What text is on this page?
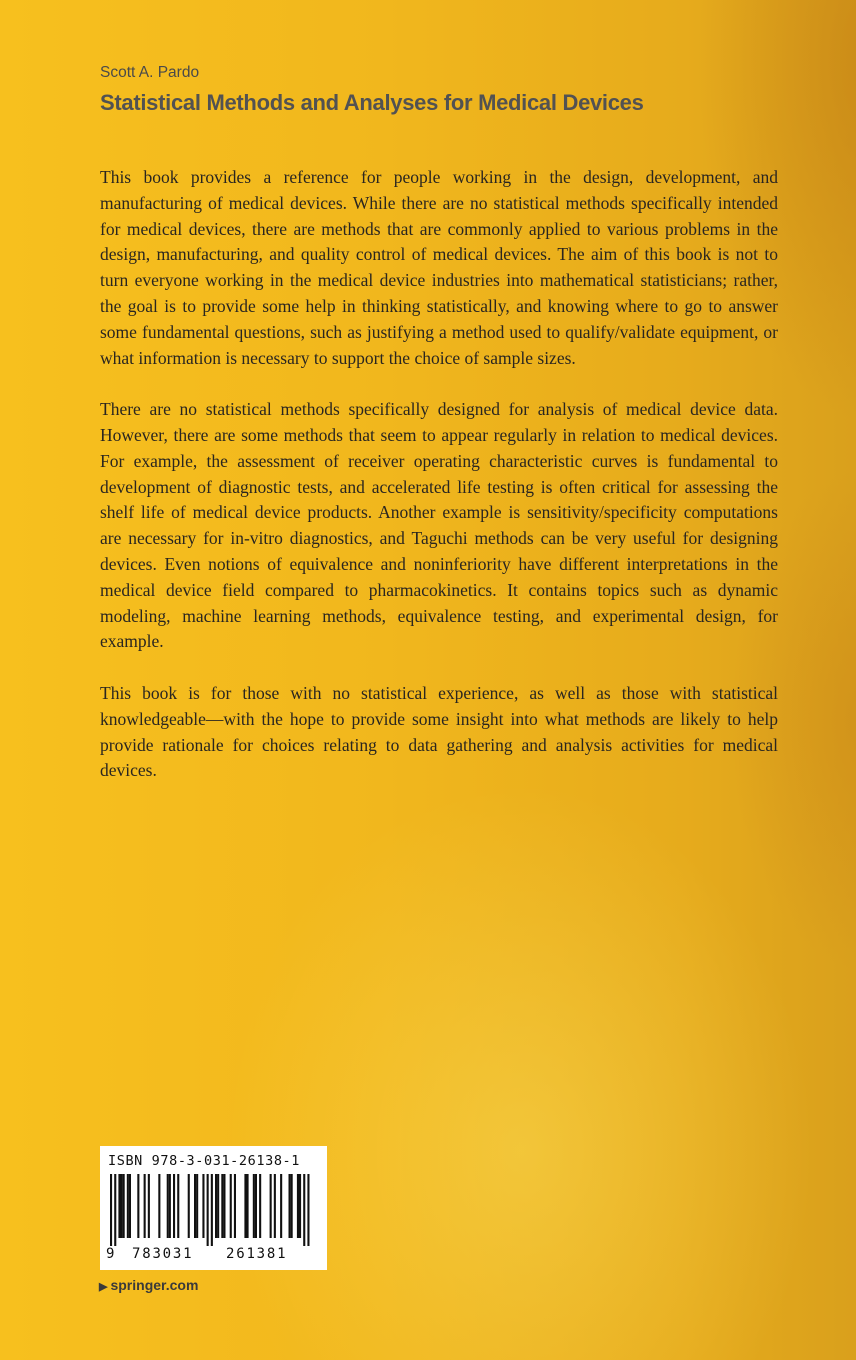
Scott A. Pardo
Statistical Methods and Analyses for Medical Devices

This book provides a reference for people working in the design, development, and manufacturing of medical devices. While there are no statistical methods specifically intended for medical devices, there are methods that are commonly applied to various problems in the design, manufacturing, and quality control of medical devices. The aim of this book is not to turn everyone working in the medical device industries into mathematical statisticians; rather, the goal is to provide some help in thinking statistically, and knowing where to go to answer some fundamental questions, such as justifying a method used to qualify/validate equipment, or what information is necessary to support the choice of sample sizes.

There are no statistical methods specifically designed for analysis of medical device data. However, there are some methods that seem to appear regularly in relation to medical devices. For example, the assessment of receiver operating characteristic curves is fundamental to development of diagnostic tests, and accelerated life testing is often critical for assessing the shelf life of medical device products. Another example is sensitivity/specificity computations are necessary for in-vitro diagnostics, and Taguchi methods can be very useful for designing devices. Even notions of equivalence and noninferiority have different interpretations in the medical device field compared to pharmacokinetics. It contains topics such as dynamic modeling, machine learning methods, equivalence testing, and experimental design, for example.

This book is for those with no statistical experience, as well as those with statistical knowledgeable—with the hope to provide some insight into what methods are likely to help provide rationale for choices relating to data gathering and analysis activities for medical devices.

ISBN 978-3-031-26138-1
9 783031 261381
▶ springer.com
